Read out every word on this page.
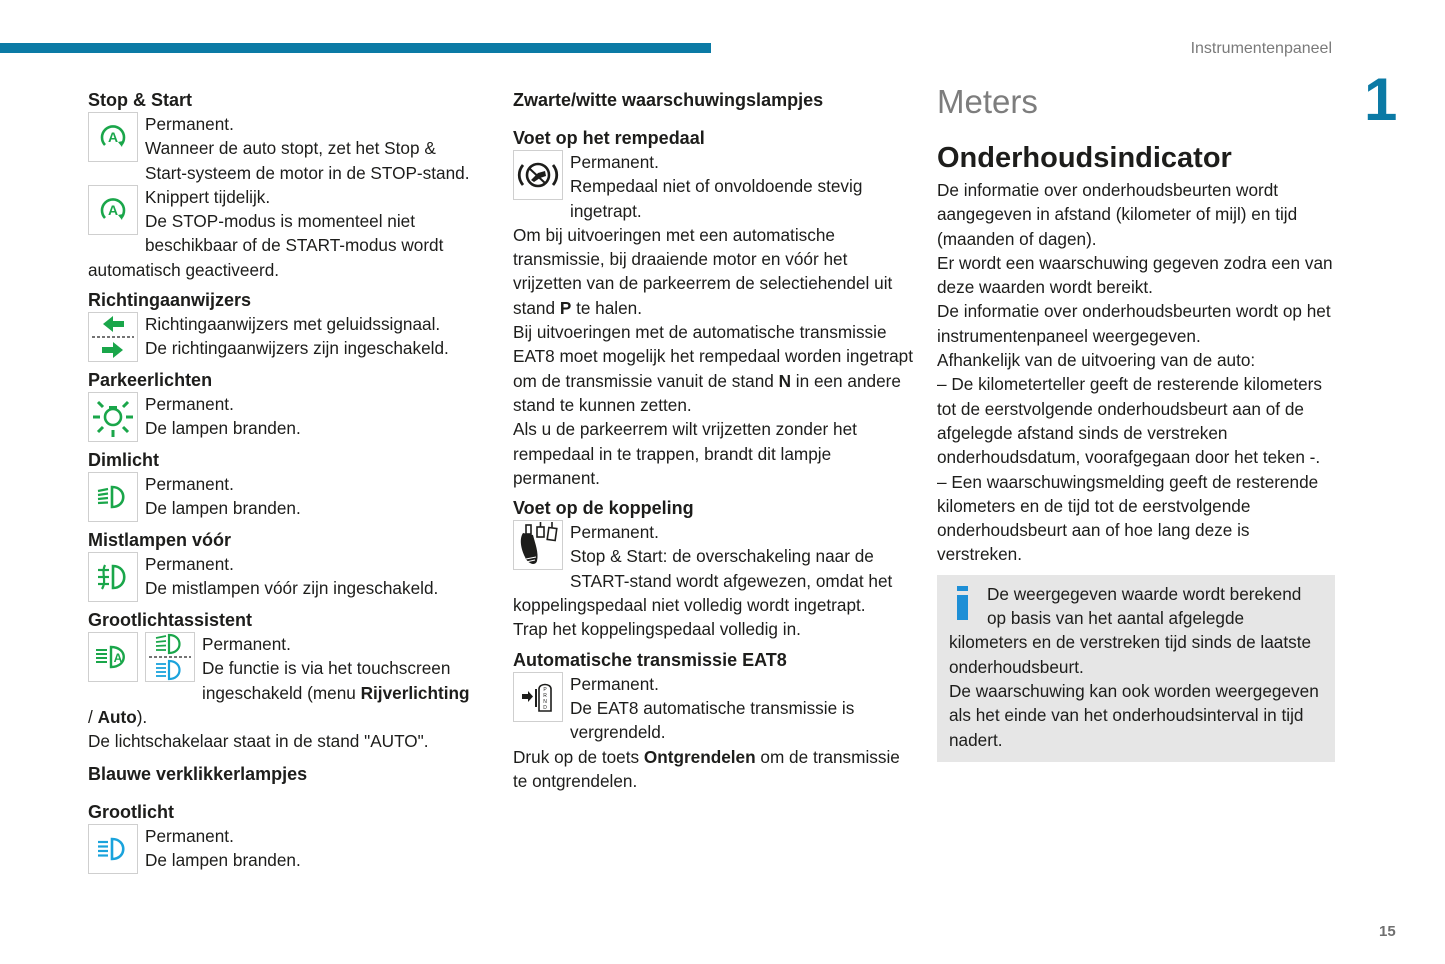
Instrumentenpaneel
1
Stop & Start
A

Permanent.

Wanneer de auto stopt, zet het Stop & Start-systeem de motor in de STOP-stand.

A

Knippert tijdelijk.

De STOP-modus is momenteel niet beschikbaar of de START-modus wordt automatisch geactiveerd.

Richtingaanwijzers

Richtingaanwijzers met geluidssignaal.

De richtingaanwijzers zijn ingeschakeld.

Parkeerlichten

Permanent.

De lampen branden.

Dimlicht

Permanent.

De lampen branden.

Mistlampen vóór

Permanent.

De mistlampen vóór zijn ingeschakeld.

Grootlichtassistent
A

Permanent.

De functie is via het touchscreen ingeschakeld (menu Rijverlichting / Auto).

De lichtschakelaar staat in de stand "AUTO".

Blauwe verklikkerlampjes
Grootlicht

Permanent.

De lampen branden.

Zwarte/witte waarschuwingslampjes
Voet op het rempedaal

Permanent.

Rempedaal niet of onvoldoende stevig ingetrapt.

Om bij uitvoeringen met een automatische transmissie, bij draaiende motor en vóór het vrijzetten van de parkeerrem de selectiehendel uit stand P te halen.

Bij uitvoeringen met de automatische transmissie EAT8 moet mogelijk het rempedaal worden ingetrapt om de transmissie vanuit de stand N in een andere stand te kunnen zetten.

Als u de parkeerrem wilt vrijzetten zonder het rempedaal in te trappen, brandt dit lampje permanent.

Voet op de koppeling

Permanent.

Stop & Start: de overschakeling naar de START-stand wordt afgewezen, omdat het koppelingspedaal niet volledig wordt ingetrapt.

Trap het koppelingspedaal volledig in.

Automatische transmissie EAT8
P
R
N
D

Permanent.

De EAT8 automatische transmissie is vergrendeld.

Druk op de toets Ontgrendelen om de transmissie te ontgrendelen.

Meters
Onderhoudsindicator

De informatie over onderhoudsbeurten wordt aangegeven in afstand (kilometer of mijl) en tijd (maanden of dagen).

Er wordt een waarschuwing gegeven zodra een van deze waarden wordt bereikt.

De informatie over onderhoudsbeurten wordt op het instrumentenpaneel weergegeven.

Afhankelijk van de uitvoering van de auto:

– De kilometerteller geeft de resterende kilometers tot de eerstvolgende onderhoudsbeurt aan of de afgelegde afstand sinds de verstreken onderhoudsdatum, voorafgegaan door het teken -.

– Een waarschuwingsmelding geeft de resterende kilometers en de tijd tot de eerstvolgende onderhoudsbeurt aan of hoe lang deze is verstreken.

De weergegeven waarde wordt berekend op basis van het aantal afgelegde kilometers en de verstreken tijd sinds de laatste onderhoudsbeurt.

De waarschuwing kan ook worden weergegeven als het einde van het onderhoudsinterval in tijd nadert.

15
